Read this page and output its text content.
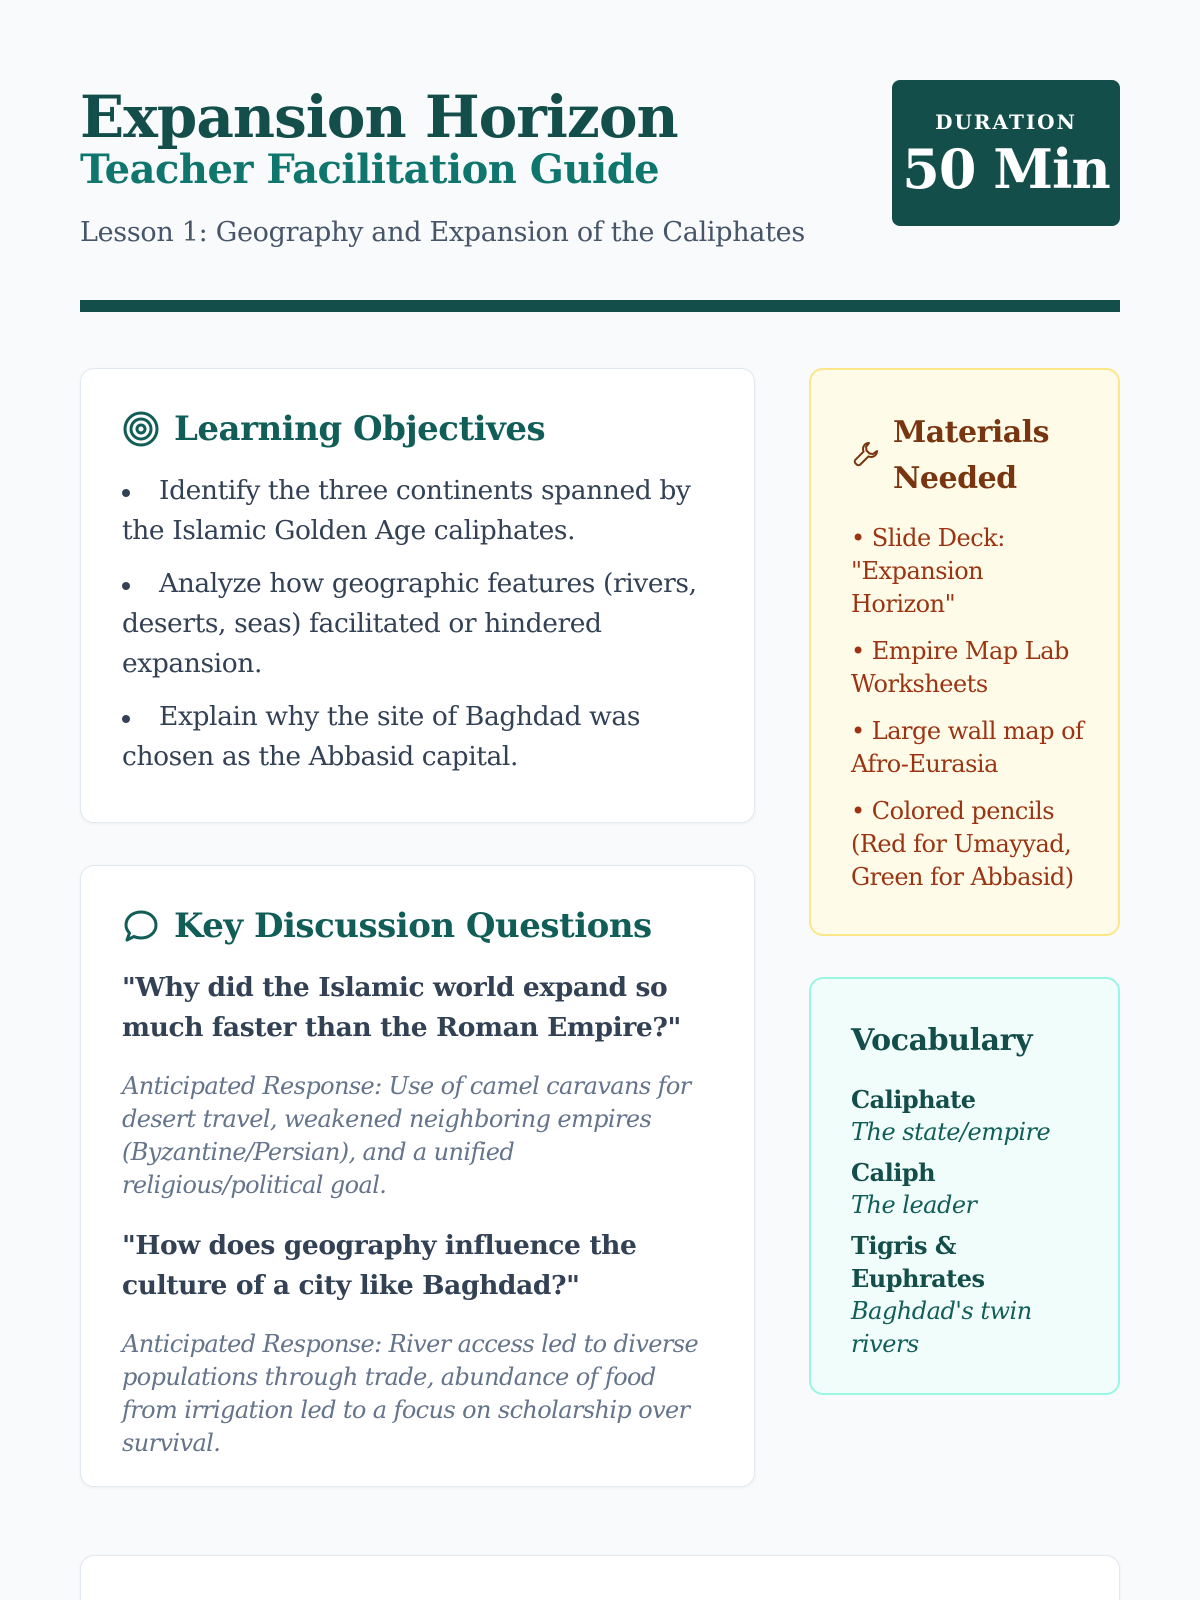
Expansion Horizon
Teacher Facilitation Guide
Lesson 1: Geography and Expansion of the Caliphates
DURATION
50 Min
Learning Objectives
Identify the three continents spanned by the Islamic Golden Age caliphates.
Analyze how geographic features (rivers, deserts, seas) facilitated or hindered expansion.
Explain why the site of Baghdad was chosen as the Abbasid capital.
Key Discussion Questions
"Why did the Islamic world expand so much faster than the Roman Empire?"
Anticipated Response: Use of camel caravans for desert travel, weakened neighboring empires (Byzantine/Persian), and a unified religious/political goal.
"How does geography influence the culture of a city like Baghdad?"
Anticipated Response: River access led to diverse populations through trade, abundance of food from irrigation led to a focus on scholarship over survival.
Materials Needed
• Slide Deck: "Expansion Horizon"
• Empire Map Lab Worksheets
• Large wall map of Afro-Eurasia
• Colored pencils (Red for Umayyad, Green for Abbasid)
Vocabulary
Caliphate
The state/empire
Caliph
The leader
Tigris & Euphrates
Baghdad's twin rivers
